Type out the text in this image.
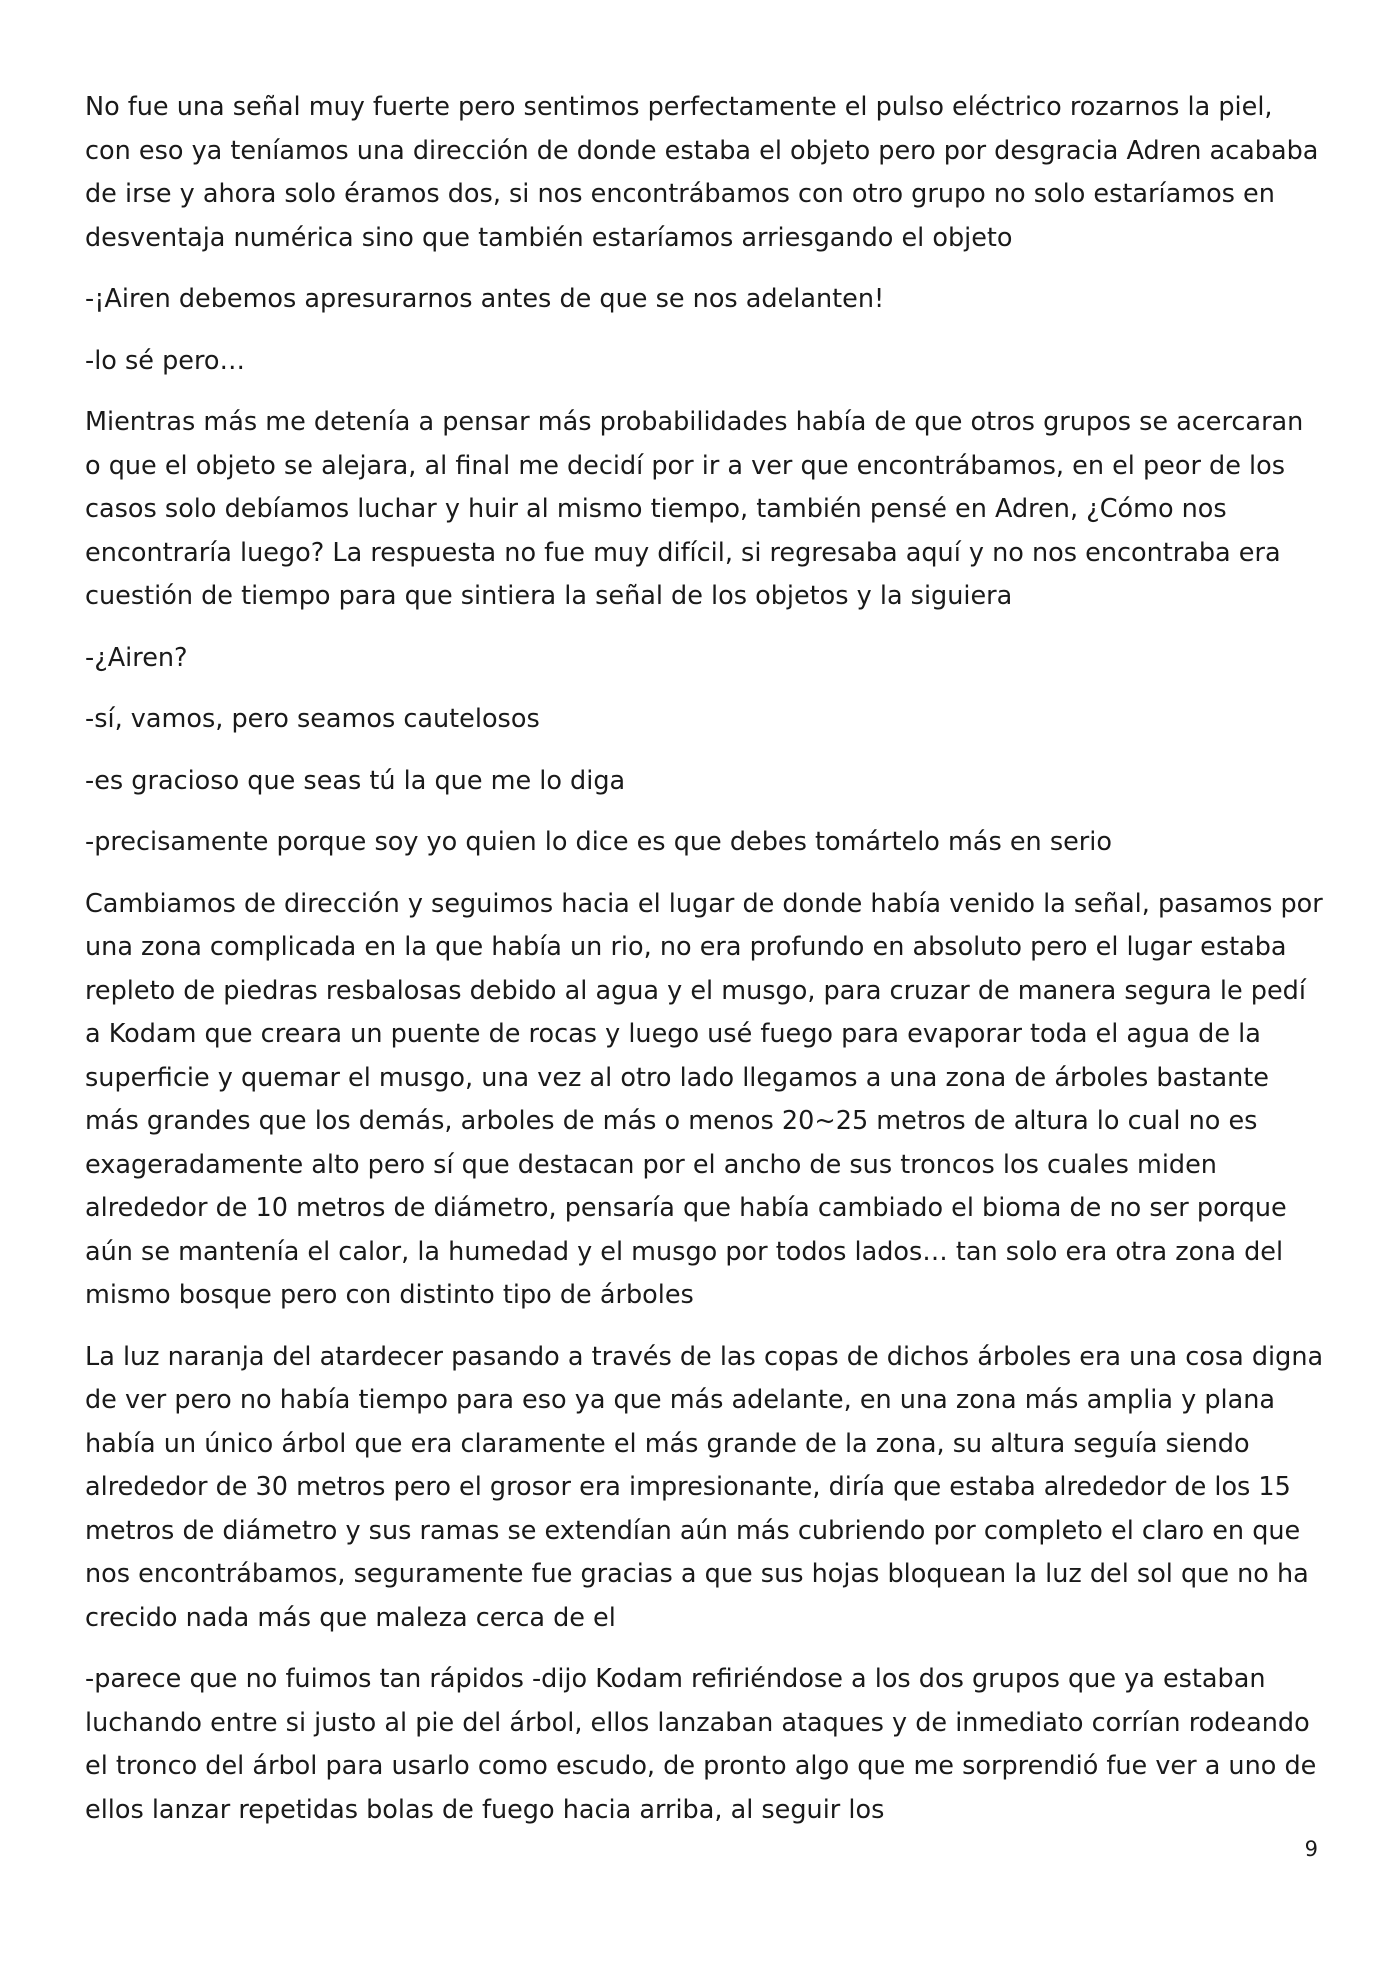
No fue una señal muy fuerte pero sentimos perfectamente el pulso eléctrico rozarnos la piel, con eso ya teníamos una dirección de donde estaba el objeto pero por desgracia Adren acababa de irse y ahora solo éramos dos, si nos encontrábamos con otro grupo no solo estaríamos en desventaja numérica sino que también estaríamos arriesgando el objeto

-¡Airen debemos apresurarnos antes de que se nos adelanten!

-lo sé pero…

Mientras más me detenía a pensar más probabilidades había de que otros grupos se acercaran o que el objeto se alejara, al final me decidí por ir a ver que encontrábamos, en el peor de los casos solo debíamos luchar y huir al mismo tiempo, también pensé en Adren, ¿Cómo nos encontraría luego? La respuesta no fue muy difícil, si regresaba aquí y no nos encontraba era cuestión de tiempo para que sintiera la señal de los objetos y la siguiera

-¿Airen?

-sí, vamos, pero seamos cautelosos

-es gracioso que seas tú la que me lo diga

-precisamente porque soy yo quien lo dice es que debes tomártelo más en serio

Cambiamos de dirección y seguimos hacia el lugar de donde había venido la señal, pasamos por una zona complicada en la que había un rio, no era profundo en absoluto pero el lugar estaba repleto de piedras resbalosas debido al agua y el musgo, para cruzar de manera segura le pedí a Kodam que creara un puente de rocas y luego usé fuego para evaporar toda el agua de la superficie y quemar el musgo, una vez al otro lado llegamos a una zona de árboles bastante más grandes que los demás, arboles de más o menos 20~25 metros de altura lo cual no es exageradamente alto pero sí que destacan por el ancho de sus troncos los cuales miden alrededor de 10 metros de diámetro, pensaría que había cambiado el bioma de no ser porque aún se mantenía el calor, la humedad y el musgo por todos lados… tan solo era otra zona del mismo bosque pero con distinto tipo de árboles

La luz naranja del atardecer pasando a través de las copas de dichos árboles era una cosa digna de ver pero no había tiempo para eso ya que más adelante, en una zona más amplia y plana había un único árbol que era claramente el más grande de la zona, su altura seguía siendo alrededor de 30 metros pero el grosor era impresionante, diría que estaba alrededor de los 15 metros de diámetro y sus ramas se extendían aún más cubriendo por completo el claro en que nos encontrábamos, seguramente fue gracias a que sus hojas bloquean la luz del sol que no ha crecido nada más que maleza cerca de el

-parece que no fuimos tan rápidos -dijo Kodam refiriéndose a los dos grupos que ya estaban luchando entre si justo al pie del árbol, ellos lanzaban ataques y de inmediato corrían rodeando el tronco del árbol para usarlo como escudo, de pronto algo que me sorprendió fue ver a uno de ellos lanzar repetidas bolas de fuego hacia arriba, al seguir los

9
